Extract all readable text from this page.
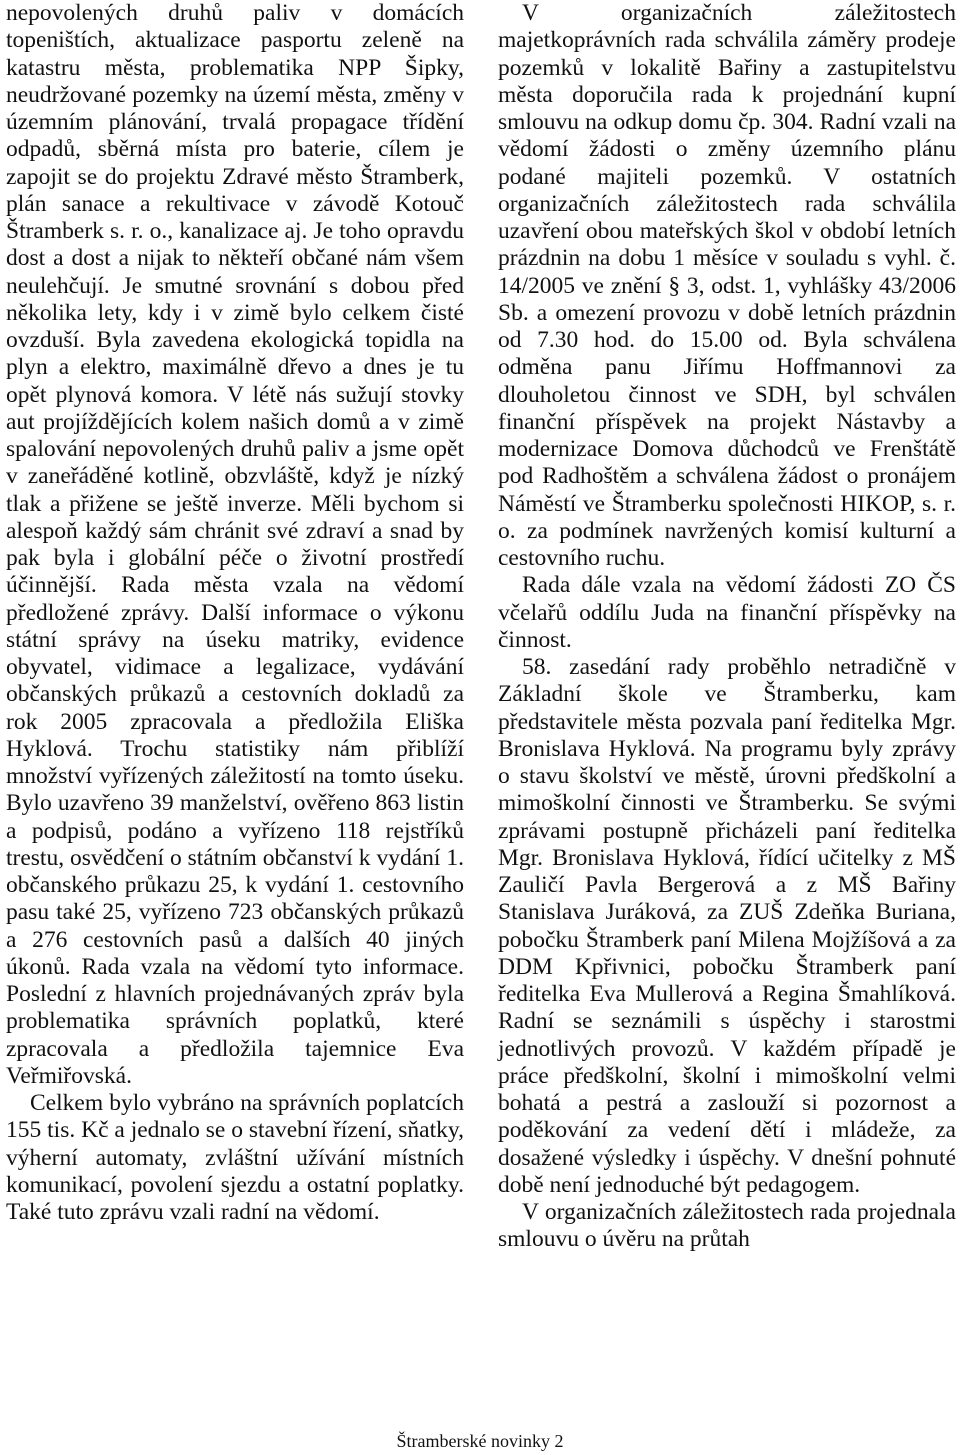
nepovolených druhů paliv v domácích topeništích, aktualizace pasportu zeleně na katastru města, problematika NPP Šipky, neudržované pozemky na území města, změny v územním plánování, trvalá propagace třídění odpadů, sběrná místa pro baterie, cílem je zapojit se do projektu Zdravé město Štramberk, plán sanace a rekultivace v závodě Kotouč Štramberk s. r. o., kanalizace aj. Je toho opravdu dost a dost a nijak to někteří občané nám všem neulehčují. Je smutné srovnání s dobou před několika lety, kdy i v zimě bylo celkem čisté ovzduší. Byla zavedena ekologická topidla na plyn a elektro, maximálně dřevo a dnes je tu opět plynová komora. V létě nás sužují stovky aut projíždějících kolem našich domů a v zimě spalování nepovolených druhů paliv a jsme opět v zaneřáděné kotlině, obzvláště, když je nízký tlak a přižene se ještě inverze. Měli bychom si alespoň každý sám chránit své zdraví a snad by pak byla i globální péče o životní prostředí účinnější. Rada města vzala na vědomí předložené zprávy. Další informace o výkonu státní správy na úseku matriky, evidence obyvatel, vidimace a legalizace, vydávání občanských průkazů a cestovních dokladů za rok 2005 zpracovala a předložila Eliška Hyklová. Trochu statistiky nám přiblíží množství vyřízených záležitostí na tomto úseku. Bylo uzavřeno 39 manželství, ověřeno 863 listin a podpisů, podáno a vyřízeno 118 rejstříků trestu, osvědčení o státním občanství k vydání 1. občanského průkazu 25, k vydání 1. cestovního pasu také 25, vyřízeno 723 občanských průkazů a 276 cestovních pasů a dalších 40 jiných úkonů. Rada vzala na vědomí tyto informace. Poslední z hlavních projednávaných zpráv byla problematika správních poplatků, které zpracovala a předložila tajemnice Eva Veřmiřovská.

Celkem bylo vybráno na správních poplatcích 155 tis. Kč a jednalo se o stavební řízení, sňatky, výherní automaty, zvláštní užívání místních komunikací, povolení sjezdu a ostatní poplatky. Také tuto zprávu vzali radní na vědomí.

V organizačních záležitostech majetkoprávních rada schválila záměry prodeje pozemků v lokalitě Bařiny a zastupitelstvu města doporučila rada k projednání kupní smlouvu na odkup domu čp. 304. Radní vzali na vědomí žádosti o změny územního plánu podané majiteli pozemků. V ostatních organizačních záležitostech rada schválila uzavření obou mateřských škol v období letních prázdnin na dobu 1 měsíce v souladu s vyhl. č. 14/2005 ve znění § 3, odst. 1, vyhlášky 43/2006 Sb. a omezení provozu v době letních prázdnin od 7.30 hod. do 15.00 od. Byla schválena odměna panu Jiřímu Hoffmannovi za dlouholetou činnost ve SDH, byl schválen finanční příspěvek na projekt Nástavby a modernizace Domova důchodců ve Frenštátě pod Radhoštěm a schválena žádost o pronájem Náměstí ve Štramberku společnosti HIKOP, s. r. o. za podmínek navržených komisí kulturní a cestovního ruchu.

Rada dále vzala na vědomí žádosti ZO ČS včelařů oddílu Juda na finanční příspěvky na činnost.

58. zasedání rady proběhlo netradičně v Základní škole ve Štramberku, kam představitele města pozvala paní ředitelka Mgr. Bronislava Hyklová. Na programu byly zprávy o stavu školství ve městě, úrovni předškolní a mimoškolní činnosti ve Štramberku. Se svými zprávami postupně přicházeli paní ředitelka Mgr. Bronislava Hyklová, řídící učitelky z MŠ Zauličí Pavla Bergerová a z MŠ Bařiny Stanislava Juráková, za ZUŠ Zdeňka Buriana, pobočku Štramberk paní Milena Mojžíšová a za DDM Kpřivnici, pobočku Štramberk paní ředitelka Eva Mullerová a Regina Šmahlíková. Radní se seznámili s úspěchy i starostmi jednotlivých provozů. V každém případě je práce předškolní, školní i mimoškolní velmi bohatá a pestrá a zaslouží si pozornost a poděkování za vedení dětí i mládeže, za dosažené výsledky i úspěchy. V dnešní pohnuté době není jednoduché být pedagogem.

V organizačních záležitostech rada projednala smlouvu o úvěru na průtah

Štramberské novinky 2
